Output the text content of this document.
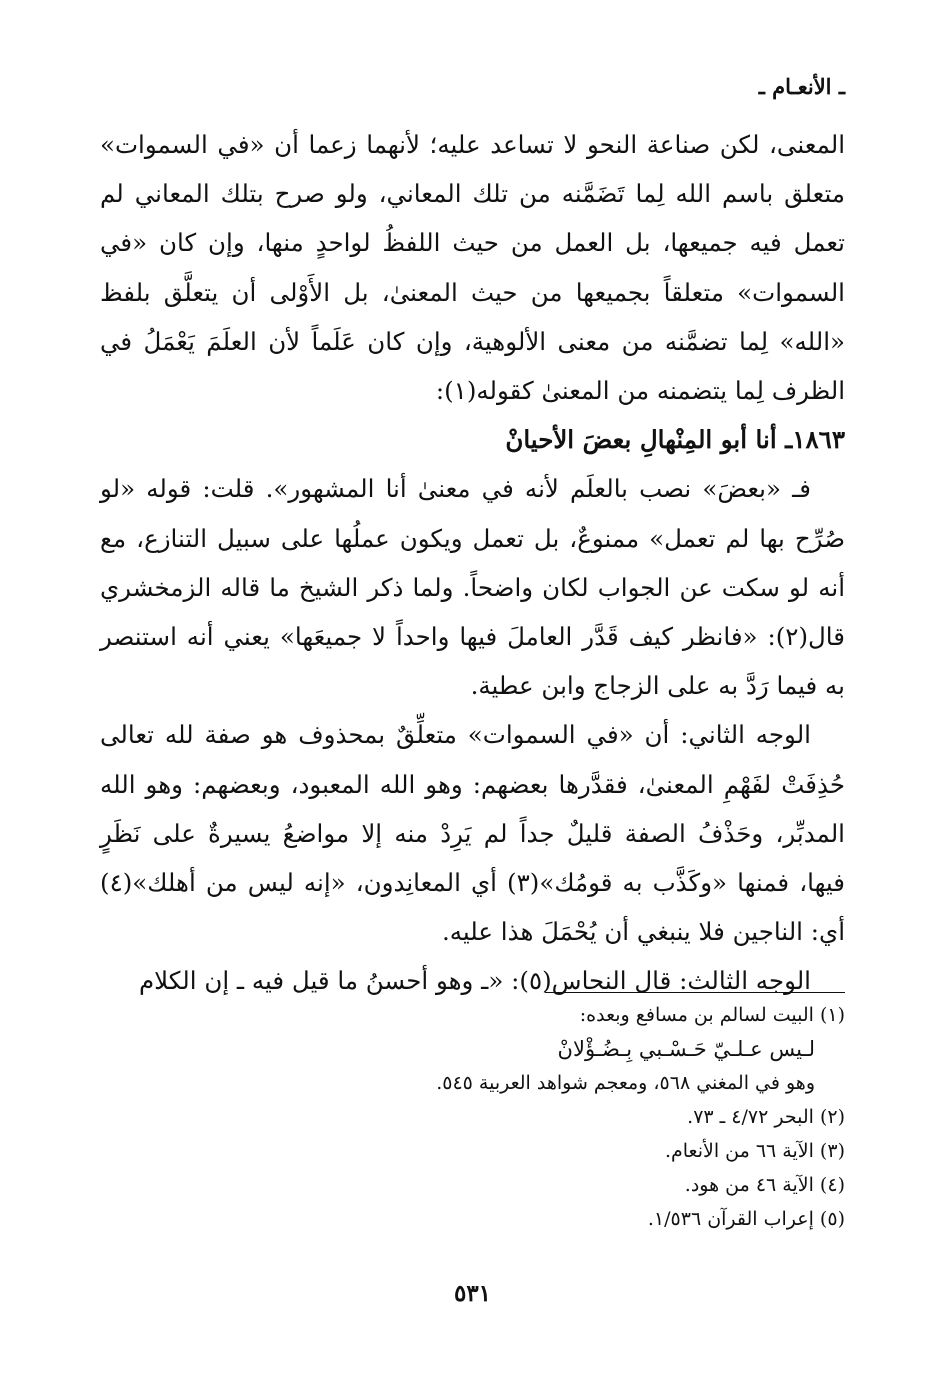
ـ الأنعـام ـ

المعنى، لكن صناعة النحو لا تساعد عليه؛ لأنهما زعما أن «في السموات» متعلق باسم الله لِما تَضَمَّنه من تلك المعاني، ولو صرح بتلك المعاني لم تعمل فيه جميعها، بل العمل من حيث اللفظُ لواحدٍ منها، وإن كان «في السموات» متعلقاً بجميعها من حيث المعنىٰ، بل الأَوْلى أن يتعلَّق بلفظ «الله» لِما تضمَّنه من معنى الألوهية، وإن كان عَلَماً لأن العلَمَ يَعْمَلُ في الظرف لِما يتضمنه من المعنىٰ كقوله(١):

١٨٦٣ـ أنا أبو المِنْهالِ بعضَ الأحيانْ

فـ «بعضَ» نصب بالعلَم لأنه في معنىٰ أنا المشهور». قلت: قوله «لو صُرِّح بها لم تعمل» ممنوعٌ، بل تعمل ويكون عملُها على سبيل التنازع، مع أنه لو سكت عن الجواب لكان واضحاً. ولما ذكر الشيخ ما قاله الزمخشري قال(٢): «فانظر كيف قَدَّر العاملَ فيها واحداً لا جميعَها» يعني أنه استنصر به فيما رَدَّ به على الزجاج وابن عطية.

الوجه الثاني: أن «في السموات» متعلِّقٌ بمحذوف هو صفة لله تعالى حُذِفَتْ لفَهْمِ المعنىٰ، فقدَّرها بعضهم: وهو الله المعبود، وبعضهم: وهو الله المدبِّر، وحَذْفُ الصفة قليلٌ جداً لم يَرِدْ منه إلا مواضعُ يسيرةٌ على نَظَرٍ فيها، فمنها «وكَذَّب به قومُك»(٣) أي المعانِدون، «إنه ليس من أهلك»(٤) أي: الناجين فلا ينبغي أن يُحْمَلَ هذا عليه.

الوجه الثالث: قال النحاس(٥): «ـ وهو أحسنُ ما قيل فيه ـ إن الكلام

(١) البيت لسالم بن مسافع وبعده:

لـيس عـلـيّ حَـسْـبي بِـضُـؤْلانْ

وهو في المغني ٥٦٨، ومعجم شواهد العربية ٥٤٥.

(٢) البحر ٤/٧٢ ـ ٧٣.

(٣) الآية ٦٦ من الأنعام.

(٤) الآية ٤٦ من هود.

(٥) إعراب القرآن ١/٥٣٦.

٥٣١
